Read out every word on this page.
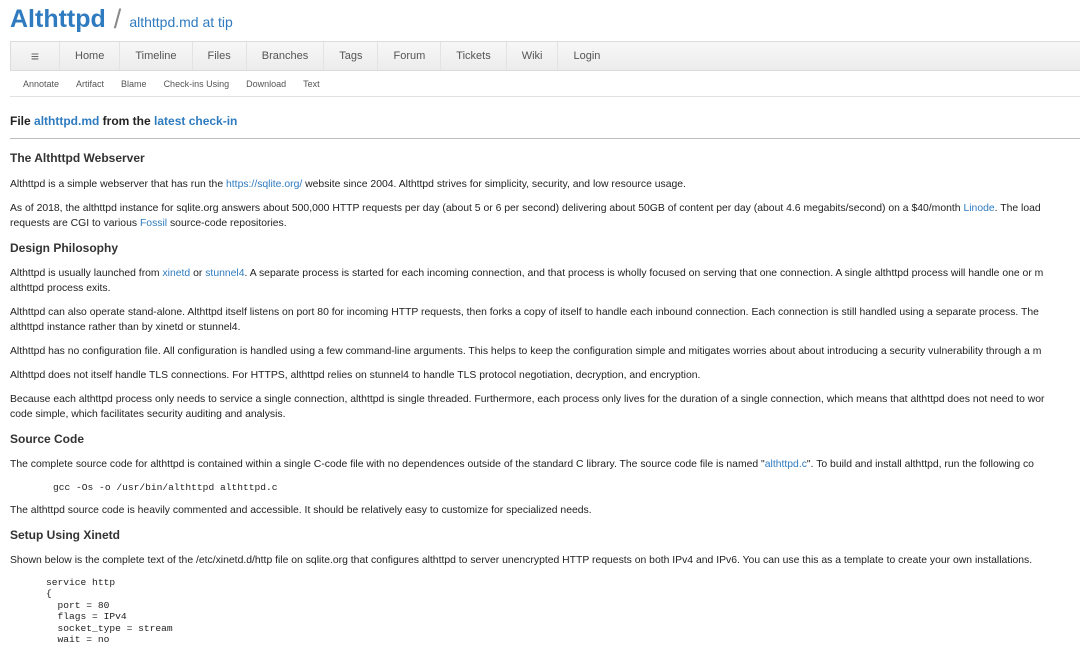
Althttpd / althttpd.md at tip
≡	Home	Timeline	Files	Branches	Tags	Forum	Tickets	Wiki	Login
Annotate Artifact Blame Check-ins Using Download Text
File althttpd.md from the latest check-in
The Althttpd Webserver

Althttpd is a simple webserver that has run the https://sqlite.org/ website since 2004. Althttpd strives for simplicity, security, and low resource usage.

As of 2018, the althttpd instance for sqlite.org answers about 500,000 HTTP requests per day (about 5 or 6 per second) delivering about 50GB of content per day (about 4.6 megabits/second) on a $40/month Linode. The load
requests are CGI to various Fossil source-code repositories.

Design Philosophy

Althttpd is usually launched from xinetd or stunnel4. A separate process is started for each incoming connection, and that process is wholly focused on serving that one connection. A single althttpd process will handle one or m
althttpd process exits.

Althttpd can also operate stand-alone. Althttpd itself listens on port 80 for incoming HTTP requests, then forks a copy of itself to handle each inbound connection. Each connection is still handled using a separate process. The
althttpd instance rather than by xinetd or stunnel4.

Althttpd has no configuration file. All configuration is handled using a few command-line arguments. This helps to keep the configuration simple and mitigates worries about about introducing a security vulnerability through a m

Althttpd does not itself handle TLS connections. For HTTPS, althttpd relies on stunnel4 to handle TLS protocol negotiation, decryption, and encryption.

Because each althttpd process only needs to service a single connection, althttpd is single threaded. Furthermore, each process only lives for the duration of a single connection, which means that althttpd does not need to wor
code simple, which facilitates security auditing and analysis.

Source Code

The complete source code for althttpd is contained within a single C-code file with no dependences outside of the standard C library. The source code file is named "althttpd.c". To build and install althttpd, run the following co

gcc -Os -o /usr/bin/althttpd althttpd.c

The althttpd source code is heavily commented and accessible. It should be relatively easy to customize for specialized needs.

Setup Using Xinetd

Shown below is the complete text of the /etc/xinetd.d/http file on sqlite.org that configures althttpd to server unencrypted HTTP requests on both IPv4 and IPv6. You can use this as a template to create your own installations.

service http
{
port = 80
flags = IPv4
socket_type = stream
wait = no
